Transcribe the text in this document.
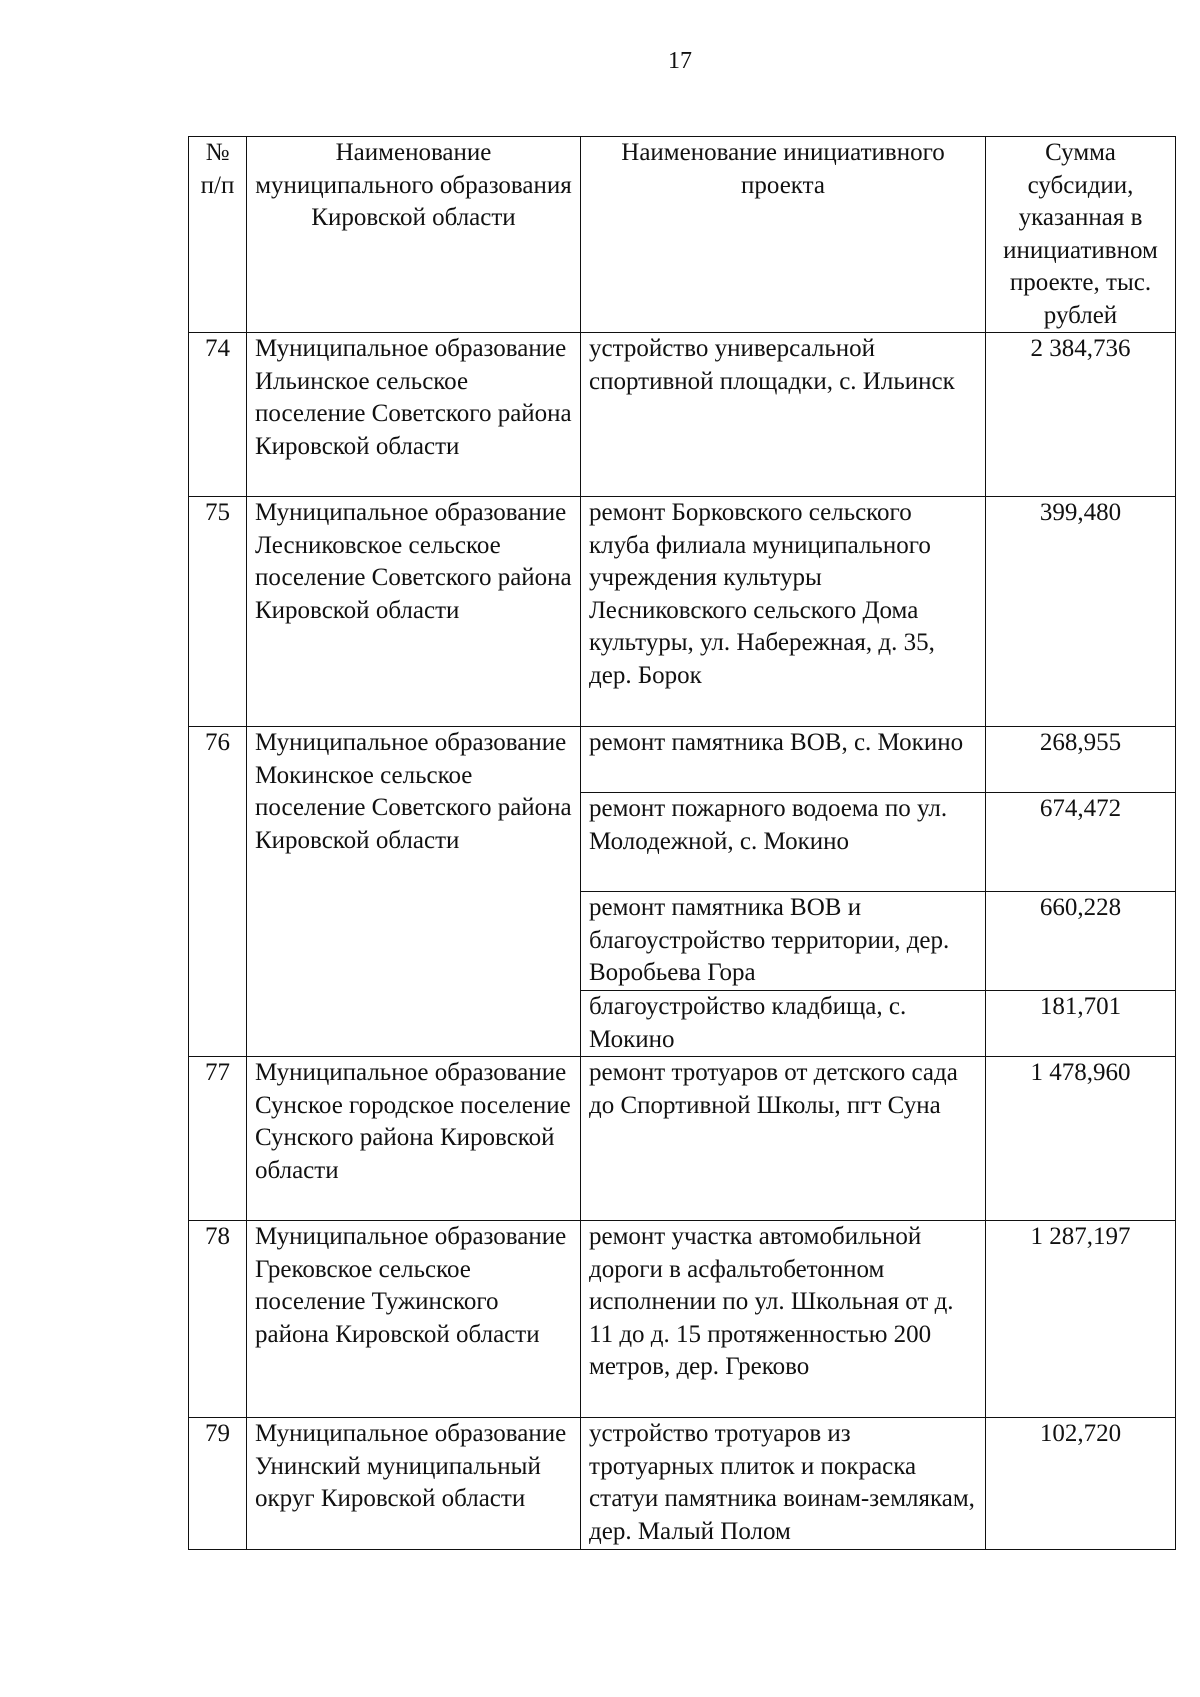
17
№ п/п	Наименование муниципального образования Кировской области	Наименование инициативного проекта	Сумма субсидии, указанная в инициативном проекте, тыс. рублей
74	Муниципальное образование Ильинское сельское поселение Советского района Кировской области	устройство универсальной спортивной площадки, с. Ильинск	2 384,736
75	Муниципальное образование Лесниковское сельское поселение Советского района Кировской области	ремонт Борковского сельского клуба филиала муниципального учреждения культуры Лесниковского сельского Дома культуры, ул. Набережная, д. 35, дер. Борок	399,480
76	Муниципальное образование Мокинское сельское поселение Советского района Кировской области	ремонт памятника ВОВ, с. Мокино	268,955
		ремонт пожарного водоема по ул. Молодежной, с. Мокино	674,472
		ремонт памятника ВОВ и благоустройство территории, дер. Воробьева Гора	660,228
		благоустройство кладбища, с. Мокино	181,701
77	Муниципальное образование Сунское городское поселение Сунского района Кировской области	ремонт тротуаров от детского сада до Спортивной Школы, пгт Суна	1 478,960
78	Муниципальное образование Грековское сельское поселение Тужинского района Кировской области	ремонт участка автомобильной дороги в асфальтобетонном исполнении по ул. Школьная от д. 11 до д. 15 протяженностью 200 метров, дер. Греково	1 287,197
79	Муниципальное образование Унинский муниципальный округ Кировской области	устройство тротуаров из тротуарных плиток и покраска статуи памятника воинам-землякам, дер. Малый Полом	102,720
